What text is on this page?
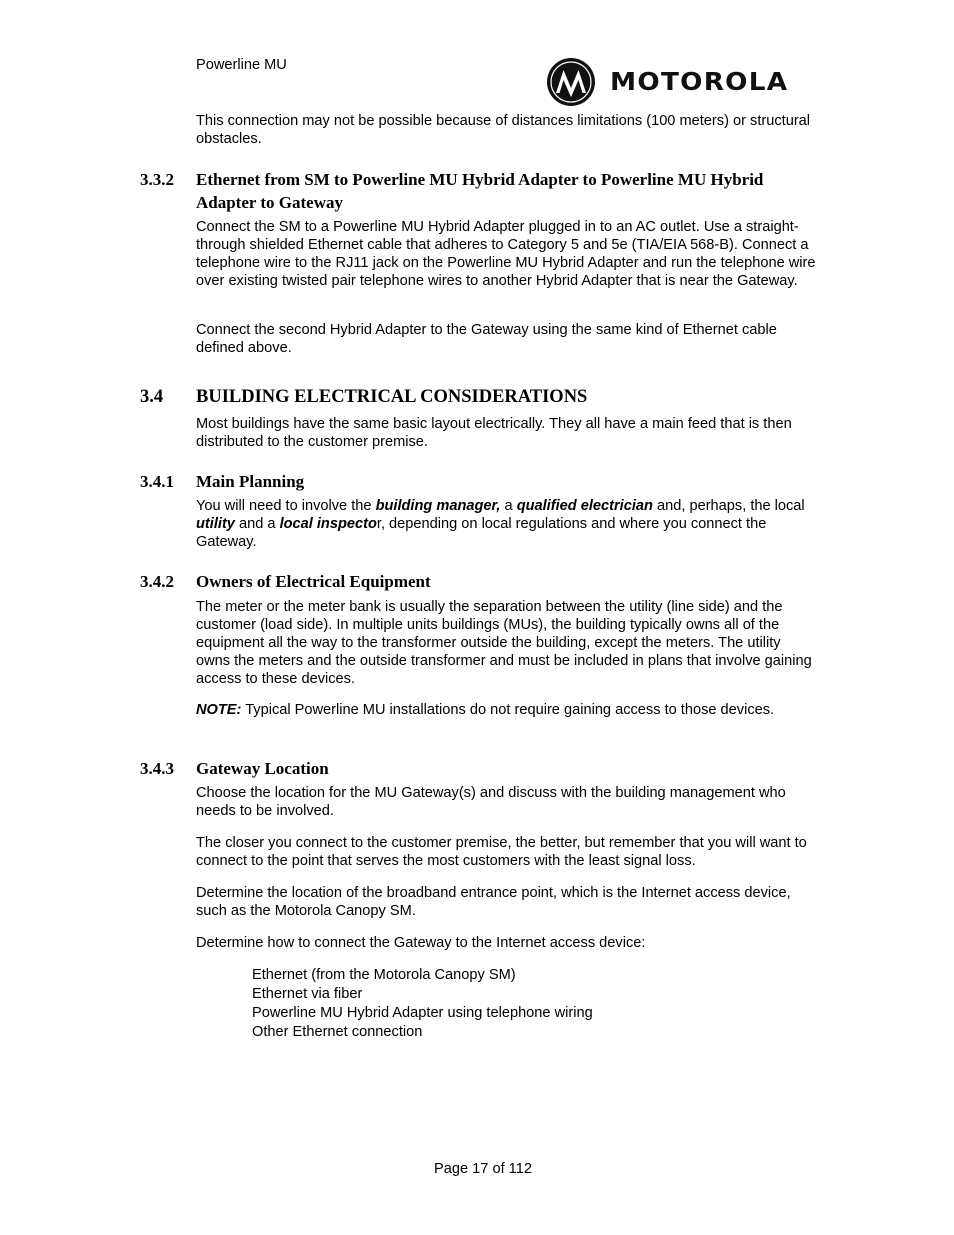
Powerline MU
MOTOROLA

This connection may not be possible because of distances limitations (100 meters) or structural obstacles.

3.3.2 Ethernet from SM to Powerline MU Hybrid Adapter to Powerline MU Hybrid Adapter to Gateway

Connect the SM to a Powerline MU Hybrid Adapter plugged in to an AC outlet. Use a straight-through shielded Ethernet cable that adheres to Category 5 and 5e (TIA/EIA 568-B). Connect a telephone wire to the RJ11 jack on the Powerline MU Hybrid Adapter and run the telephone wire over existing twisted pair telephone wires to another Hybrid Adapter that is near the Gateway.

Connect the second Hybrid Adapter to the Gateway using the same kind of Ethernet cable defined above.

3.4 BUILDING ELECTRICAL CONSIDERATIONS

Most buildings have the same basic layout electrically. They all have a main feed that is then distributed to the customer premise.

3.4.1 Main Planning

You will need to involve the building manager, a qualified electrician and, perhaps, the local utility and a local inspector, depending on local regulations and where you connect the Gateway.

3.4.2 Owners of Electrical Equipment

The meter or the meter bank is usually the separation between the utility (line side) and the customer (load side). In multiple units buildings (MUs), the building typically owns all of the equipment all the way to the transformer outside the building, except the meters. The utility owns the meters and the outside transformer and must be included in plans that involve gaining access to these devices.

NOTE: Typical Powerline MU installations do not require gaining access to those devices.

3.4.3 Gateway Location

Choose the location for the MU Gateway(s) and discuss with the building management who needs to be involved.

The closer you connect to the customer premise, the better, but remember that you will want to connect to the point that serves the most customers with the least signal loss.

Determine the location of the broadband entrance point, which is the Internet access device, such as the Motorola Canopy SM.

Determine how to connect the Gateway to the Internet access device:

Ethernet (from the Motorola Canopy SM)
Ethernet via fiber
Powerline MU Hybrid Adapter using telephone wiring
Other Ethernet connection
Page 17 of 112
